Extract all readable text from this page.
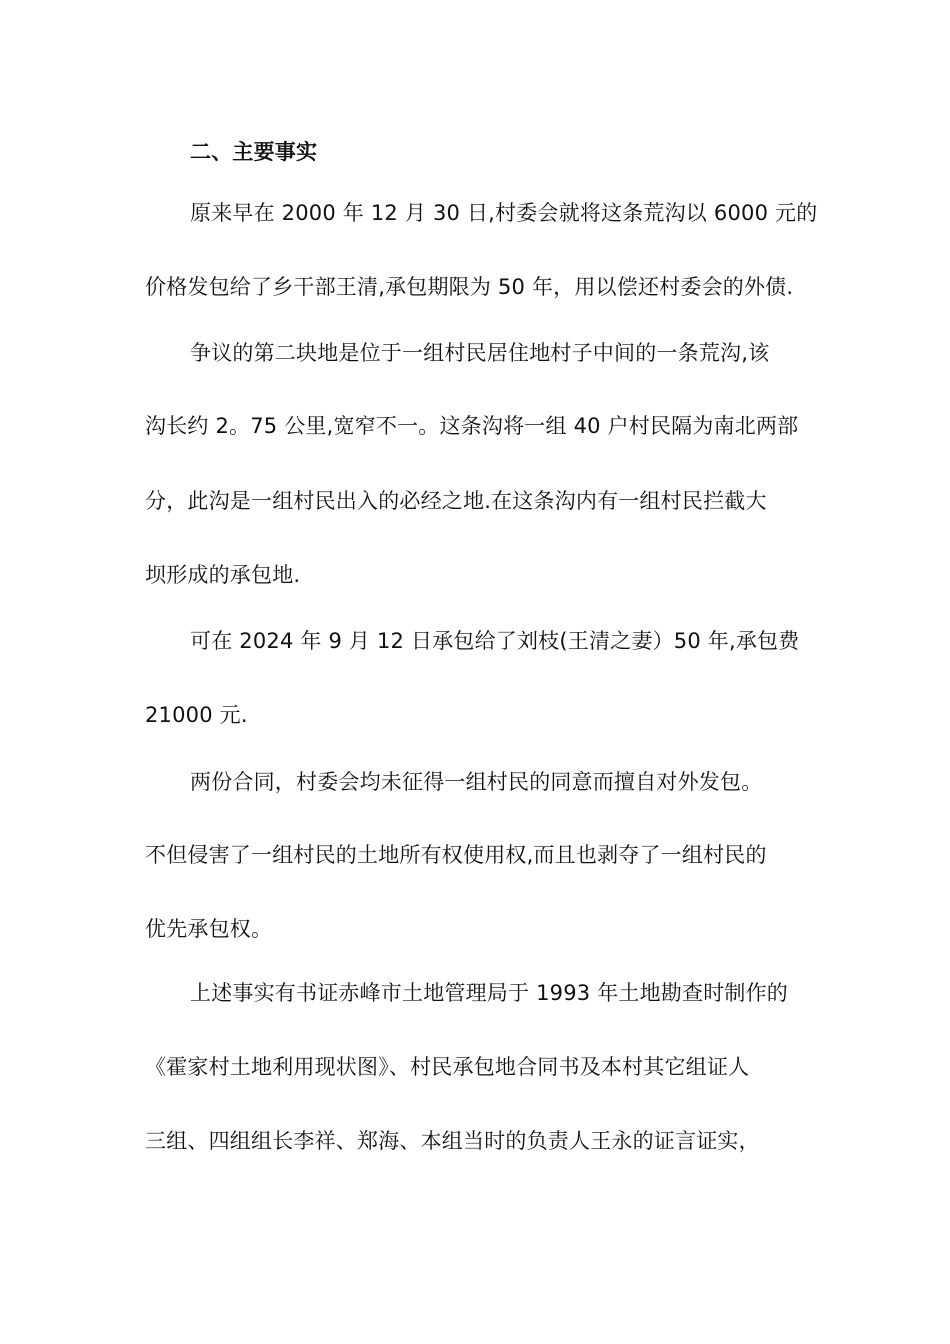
二、主要事实
原来早在 2000 年 12 月 30 日,村委会就将这条荒沟以 6000 元的
价格发包给了乡干部王清,承包期限为 50 年，用以偿还村委会的外债.
争议的第二块地是位于一组村民居住地村子中间的一条荒沟,该
沟长约 2。75 公里,宽窄不一。这条沟将一组 40 户村民隔为南北两部
分，此沟是一组村民出入的必经之地.在这条沟内有一组村民拦截大
坝形成的承包地.
可在 2024 年 9 月 12 日承包给了刘枝(王清之妻）50 年,承包费
21000 元.
两份合同，村委会均未征得一组村民的同意而擅自对外发包。
不但侵害了一组村民的土地所有权使用权,而且也剥夺了一组村民的
优先承包权。
上述事实有书证赤峰市土地管理局于 1993 年土地勘查时制作的
《霍家村土地利用现状图》、村民承包地合同书及本村其它组证人
三组、四组组长李祥、郑海、本组当时的负责人王永的证言证实，
